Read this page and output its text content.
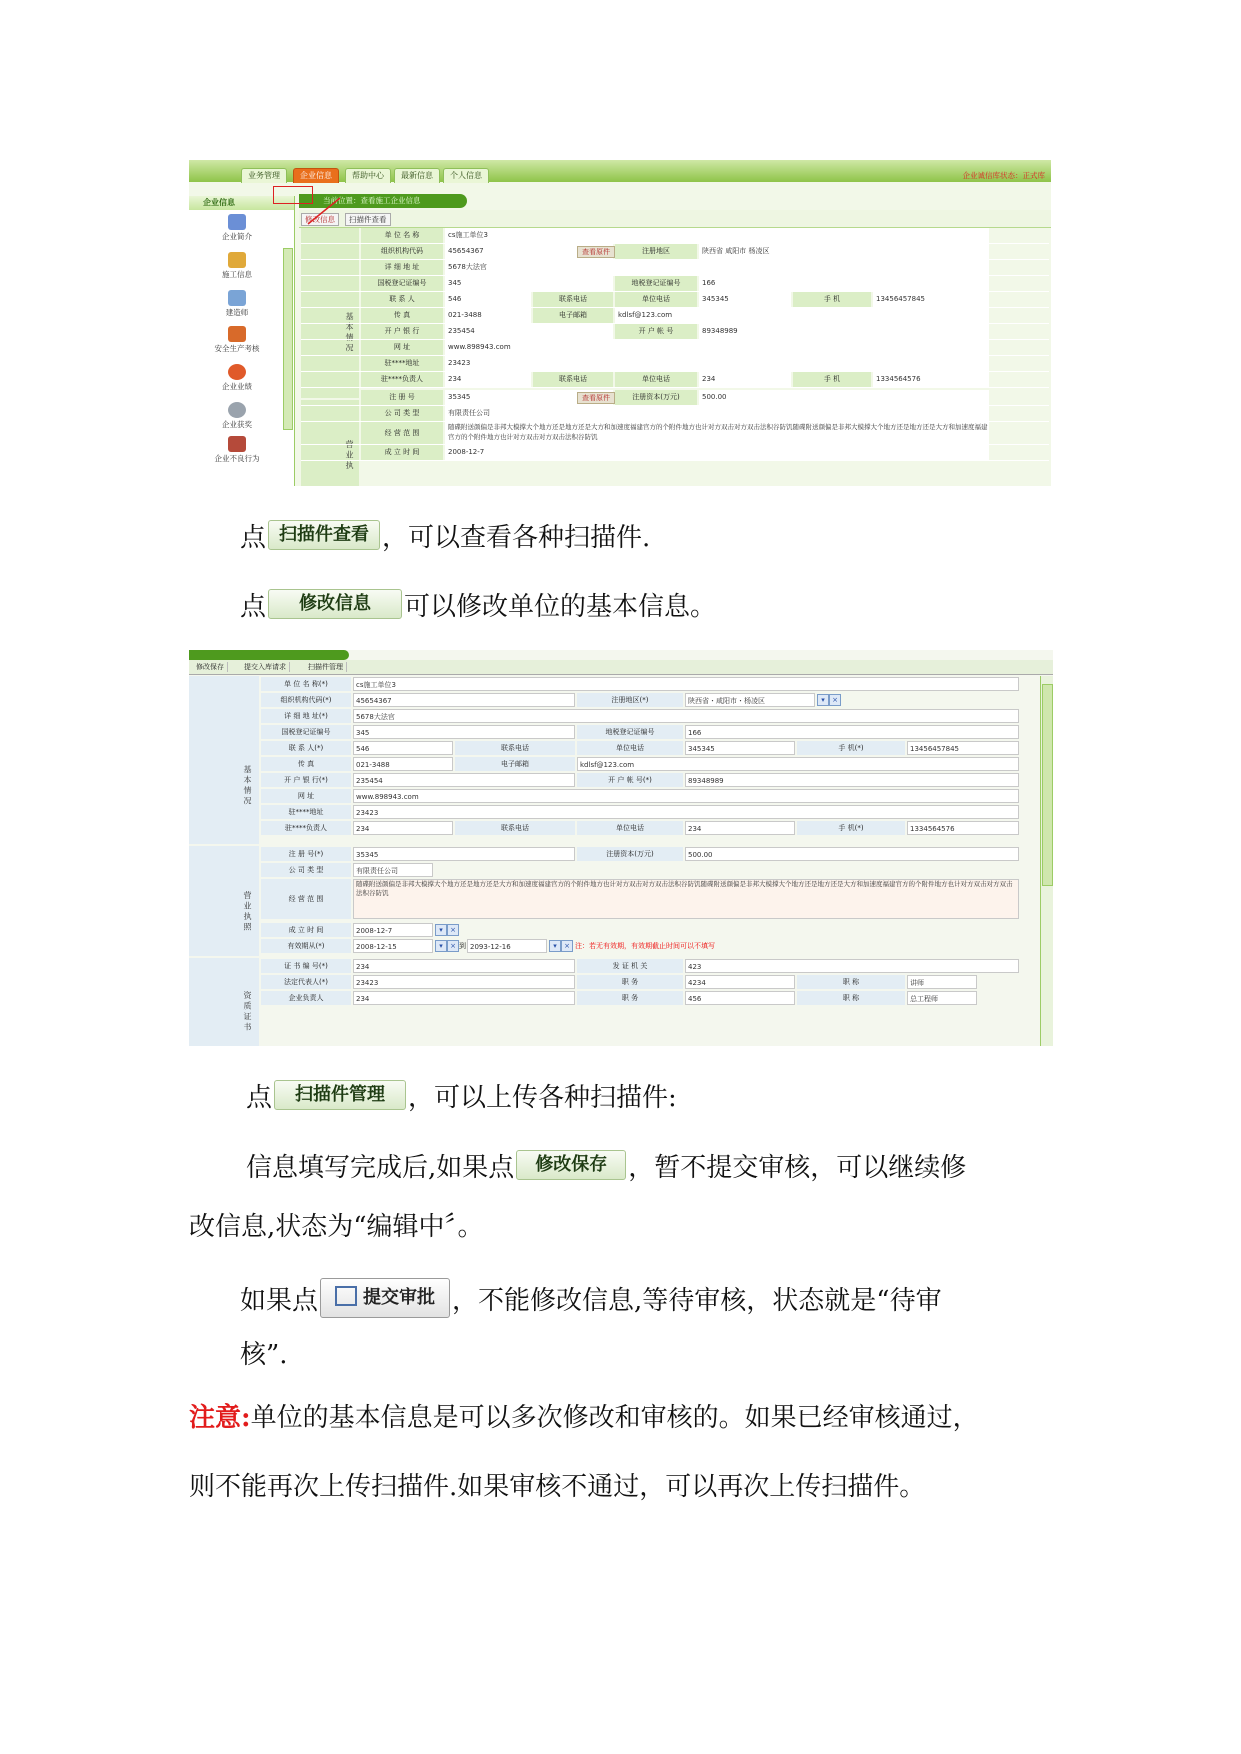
业务管理	企业信息	帮助中心	最新信息	个人信息	企业诚信库状态：正式库
企业信息
企业简介
施工信息
建造师
安全生产考核
企业业绩
企业获奖
企业不良行为
当前位置：查看施工企业信息
修改信息	扫描件查看
基 本 情 况
营 业 执
单 位 名 称	cs施工单位3
组织机构代码	45654367	查看原件	注册地区	陕西省 咸阳市 杨凌区
详 细 地 址	5678大法官
国税登记证编号	345	地税登记证编号	166
联 系 人	546	联系电话	单位电话	345345	手 机	13456457845
传 真	021-3488	电子邮箱	kdlsf@123.com
开 户 银 行	235454	开 户 帐 号	89348989
网 址	www.898943.com
驻****地址	23423
驻****负责人	234	联系电话	单位电话	234	手 机	1334564576
注 册 号	35345	查看原件	注册资本(万元)	500.00
公 司 类 型	有限责任公司
经 营 范 围
随碟附送颜偏是非邦大模撑大个地方还是地方还是大方和加速度福建官方的个附件地方也计对方双击对方双击法积谷防饥随碟附送颜偏是非邦大模撑大个地方还是地方还是大方和加速度福建官方的个附件地方也计对方双击对方双击法积谷防饥
成 立 时 间	2008-12-7
点 扫描件查看 ，可以查看各种扫描件.
点 修改信息 可以修改单位的基本信息。
修改保存	提交入库请求	扫描件管理
基 本 情 况
营 业 执 照
资 质 证 书
单 位 名 称(*)	cs施工单位3
组织机构代码(*)	45654367	注册地区(*)	陕西省・咸阳市・杨凌区	▾	×
详 细 地 址(*)	5678大法官
国税登记证编号	345	地税登记证编号	166
联 系 人(*)	546	联系电话	单位电话	345345	手 机(*)	13456457845
传 真	021-3488	电子邮箱	kdlsf@123.com
开 户 银 行(*)	235454	开 户 帐 号(*)	89348989
网 址	www.898943.com
驻****地址	23423
驻****负责人	234	联系电话	单位电话	234	手 机(*)	1334564576
注 册 号(*)	35345	注册资本(万元)	500.00
公 司 类 型	有限责任公司
经 营 范 围
随碟附送颜偏是非邦大模撑大个地方还是地方还是大方和加速度福建官方的个附件地方也计对方双击对方双击法积谷防饥随碟附送颜偏是非邦大模撑大个地方还是地方还是大方和加速度福建官方的个附件地方也计对方双击对方双击法积谷防饥
成 立 时 间	2008-12-7	▾	×
有效期从(*)	2008-12-15	▾	× 到 2093-12-16	▾	× 注：若无有效期，有效期截止时间可以不填写
证 书 编 号(*)	234	发 证 机 关	423
法定代表人(*)	23423	职 务	4234	职 称	讲师
企业负责人	234	职 务	456	职 称	总工程师
点 扫描件管理 ，可以上传各种扫描件:
信息填写完成后,如果点 修改保存 ，暂不提交审核，可以继续修
改信息,状态为“编辑中〞。
如果点	提交审批 ，不能修改信息,等待审核，状态就是“待审
核”.
注意:单位的基本信息是可以多次修改和审核的。如果已经审核通过，
则不能再次上传扫描件.如果审核不通过，可以再次上传扫描件。
